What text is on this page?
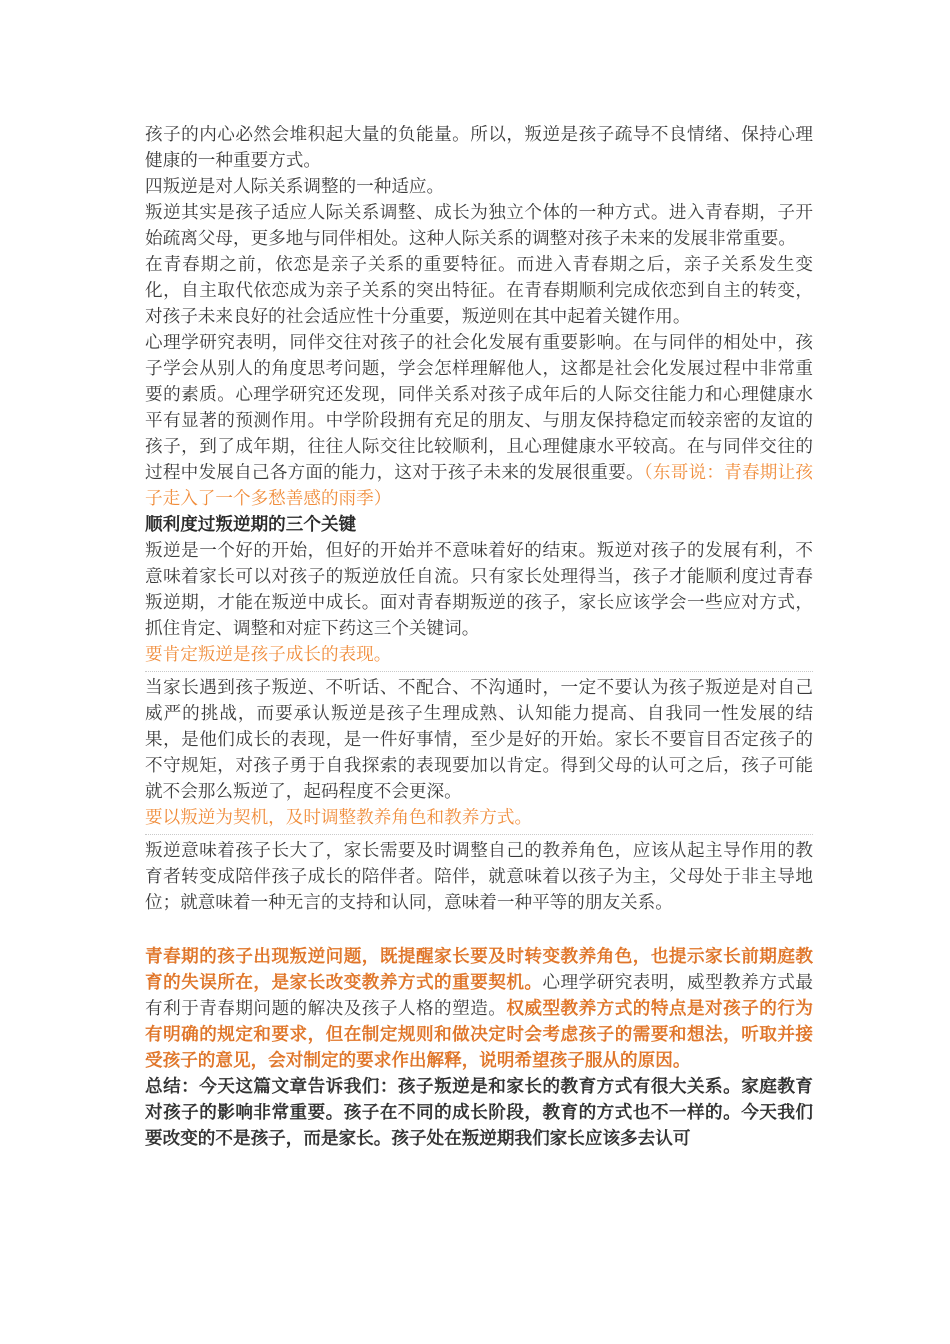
孩子的内心必然会堆积起大量的负能量。所以，叛逆是孩子疏导不良情绪、保持心理健康的一种重要方式。

四叛逆是对人际关系调整的一种适应。

叛逆其实是孩子适应人际关系调整、成长为独立个体的一种方式。进入青春期，子开始疏离父母，更多地与同伴相处。这种人际关系的调整对孩子未来的发展非常重要。

在青春期之前，依恋是亲子关系的重要特征。而进入青春期之后，亲子关系发生变化，自主取代依恋成为亲子关系的突出特征。在青春期顺利完成依恋到自主的转变，对孩子未来良好的社会适应性十分重要，叛逆则在其中起着关键作用。

心理学研究表明，同伴交往对孩子的社会化发展有重要影响。在与同伴的相处中，孩子学会从别人的角度思考问题，学会怎样理解他人，这都是社会化发展过程中非常重要的素质。心理学研究还发现，同伴关系对孩子成年后的人际交往能力和心理健康水平有显著的预测作用。中学阶段拥有充足的朋友、与朋友保持稳定而较亲密的友谊的孩子，到了成年期，往往人际交往比较顺利，且心理健康水平较高。在与同伴交往的过程中发展自己各方面的能力，这对于孩子未来的发展很重要。（东哥说：青春期让孩子走入了一个多愁善感的雨季）

顺利度过叛逆期的三个关键

叛逆是一个好的开始，但好的开始并不意味着好的结束。叛逆对孩子的发展有利，不意味着家长可以对孩子的叛逆放任自流。只有家长处理得当，孩子才能顺利度过青春叛逆期，才能在叛逆中成长。面对青春期叛逆的孩子，家长应该学会一些应对方式，抓住肯定、调整和对症下药这三个关键词。

要肯定叛逆是孩子成长的表现。

当家长遇到孩子叛逆、不听话、不配合、不沟通时，一定不要认为孩子叛逆是对自己威严的挑战，而要承认叛逆是孩子生理成熟、认知能力提高、自我同一性发展的结果，是他们成长的表现，是一件好事情，至少是好的开始。家长不要盲目否定孩子的不守规矩，对孩子勇于自我探索的表现要加以肯定。得到父母的认可之后，孩子可能就不会那么叛逆了，起码程度不会更深。

要以叛逆为契机，及时调整教养角色和教养方式。

叛逆意味着孩子长大了，家长需要及时调整自己的教养角色，应该从起主导作用的教育者转变成陪伴孩子成长的陪伴者。陪伴，就意味着以孩子为主，父母处于非主导地位；就意味着一种无言的支持和认同，意味着一种平等的朋友关系。

青春期的孩子出现叛逆问题，既提醒家长要及时转变教养角色，也提示家长前期庭教育的失误所在，是家长改变教养方式的重要契机。心理学研究表明，威型教养方式最有利于青春期问题的解决及孩子人格的塑造。权威型教养方式的特点是对孩子的行为有明确的规定和要求，但在制定规则和做决定时会考虑孩子的需要和想法，听取并接受孩子的意见，会对制定的要求作出解释，说明希望孩子服从的原因。

总结：今天这篇文章告诉我们：孩子叛逆是和家长的教育方式有很大关系。家庭教育对孩子的影响非常重要。孩子在不同的成长阶段，教育的方式也不一样的。今天我们要改变的不是孩子，而是家长。孩子处在叛逆期我们家长应该多去认可
